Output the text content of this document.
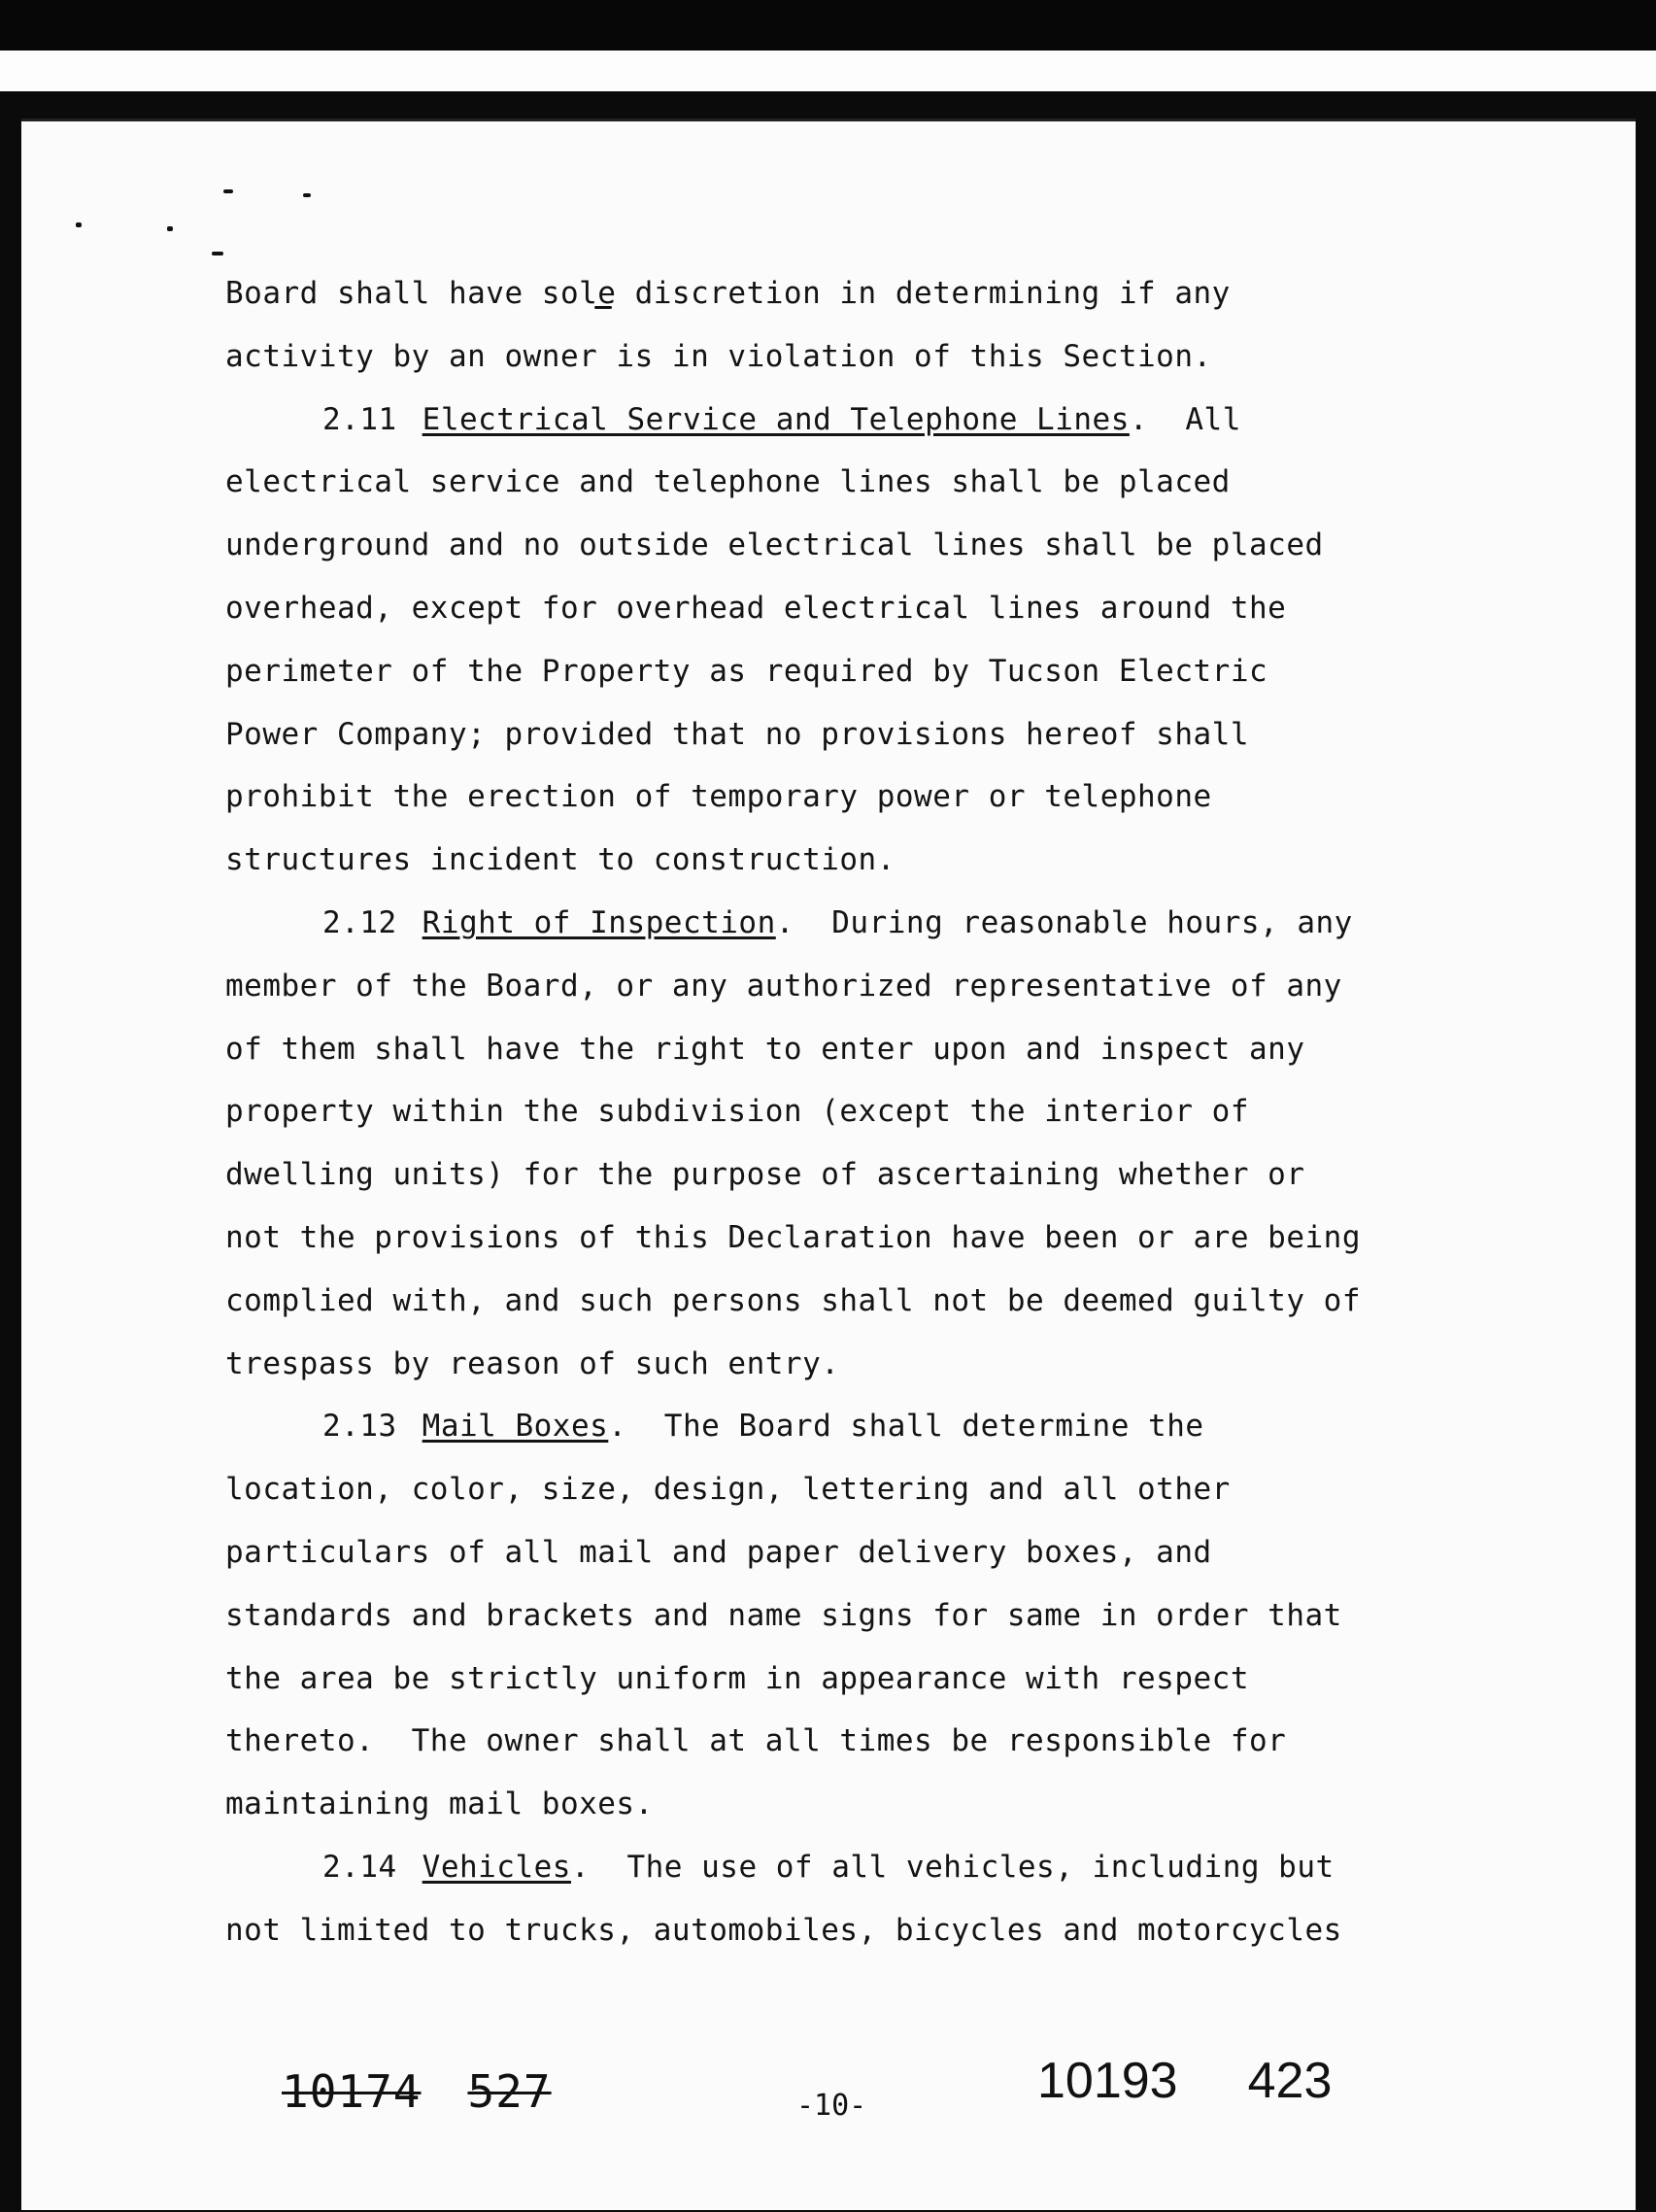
Board shall have sole discretion in determining if any
activity by an owner is in violation of this Section.
2.11 Electrical Service and Telephone Lines.  All
electrical service and telephone lines shall be placed
underground and no outside electrical lines shall be placed
overhead, except for overhead electrical lines around the
perimeter of the Property as required by Tucson Electric
Power Company; provided that no provisions hereof shall
prohibit the erection of temporary power or telephone
structures incident to construction.
2.12 Right of Inspection.  During reasonable hours, any
member of the Board, or any authorized representative of any
of them shall have the right to enter upon and inspect any
property within the subdivision (except the interior of
dwelling units) for the purpose of ascertaining whether or
not the provisions of this Declaration have been or are being
complied with, and such persons shall not be deemed guilty of
trespass by reason of such entry.
2.13 Mail Boxes.  The Board shall determine the
location, color, size, design, lettering and all other
particulars of all mail and paper delivery boxes, and
standards and brackets and name signs for same in order that
the area be strictly uniform in appearance with respect
thereto.  The owner shall at all times be responsible for
maintaining mail boxes.
2.14 Vehicles.  The use of all vehicles, including but
not limited to trucks, automobiles, bicycles and motorcycles
10174 527	-10-	10193 423
